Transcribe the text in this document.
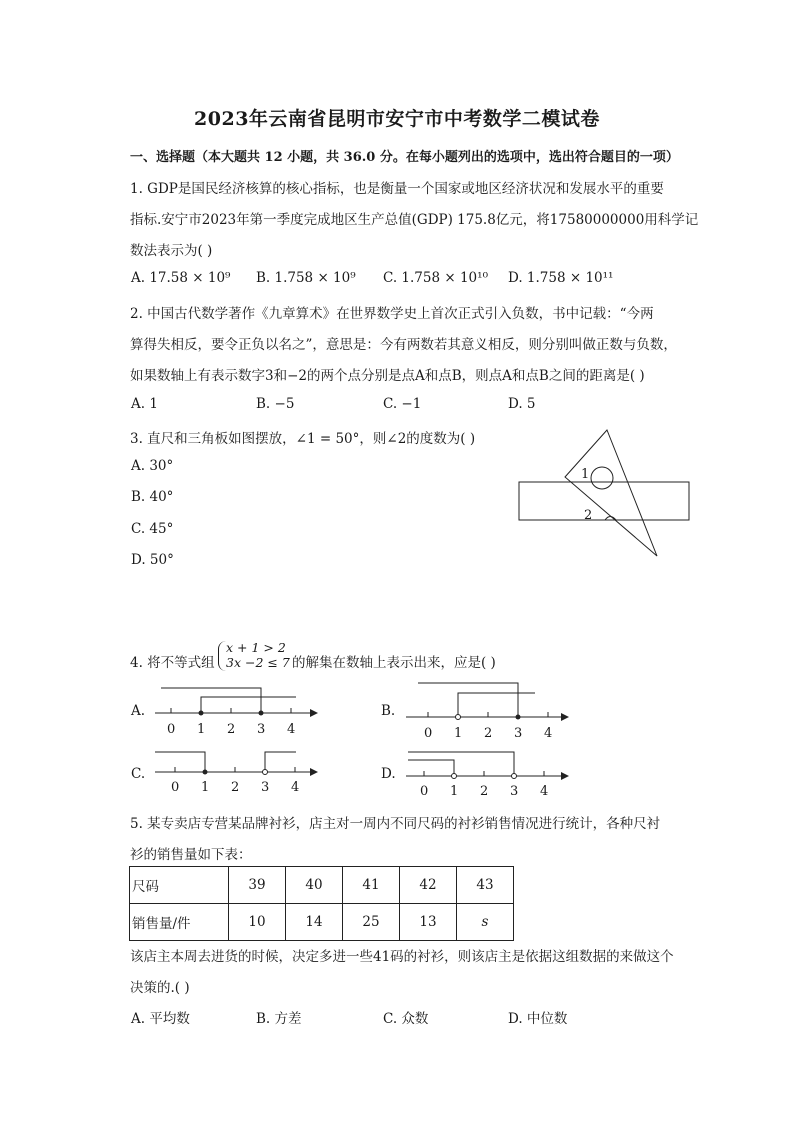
2023年云南省昆明市安宁市中考数学二模试卷
一、选择题（本大题共 12 小题，共 36.0 分。在每小题列出的选项中，选出符合题目的一项）
1. GDP是国民经济核算的核心指标，也是衡量一个国家或地区经济状况和发展水平的重要
指标.安宁市2023年第一季度完成地区生产总值(GDP) 175.8亿元，将17580000000用科学记
数法表示为( )
A. 17.58 × 10⁹ B. 1.758 × 10⁹ C. 1.758 × 10¹⁰ D. 1.758 × 10¹¹
2. 中国古代数学著作《九章算术》在世界数学史上首次正式引入负数，书中记载：“今两
算得失相反，要令正负以名之”，意思是：今有两数若其意义相反，则分别叫做正数与负数，
如果数轴上有表示数字3和−2的两个点分别是点A和点B，则点A和点B之间的距离是( )
A. 1	B. −5	C. −1	D. 5
3. 直尺和三角板如图摆放，∠1 = 50°，则∠2的度数为( )
A. 30°
B. 40°
C. 45°
D. 50°
1
2
4. 将不等式组
x + 1 > 2
3x −2 ≤ 7 的解集在数轴上表示出来，应是( )
A.	B.
C.	D.
0 1 2 3 4	0 1 2 3 4
0 1 2 3 4	0 1 2 3 4
5. 某专卖店专营某品牌衬衫，店主对一周内不同尺码的衬衫销售情况进行统计，各种尺衬
衫的销售量如下表：
尺码	39	40	41	42	43
销售量/件	10	14	25	13	s
该店主本周去进货的时候，决定多进一些41码的衬衫，则该店主是依据这组数据的来做这个
决策的.( )
A. 平均数	B. 方差	C. 众数	D. 中位数
